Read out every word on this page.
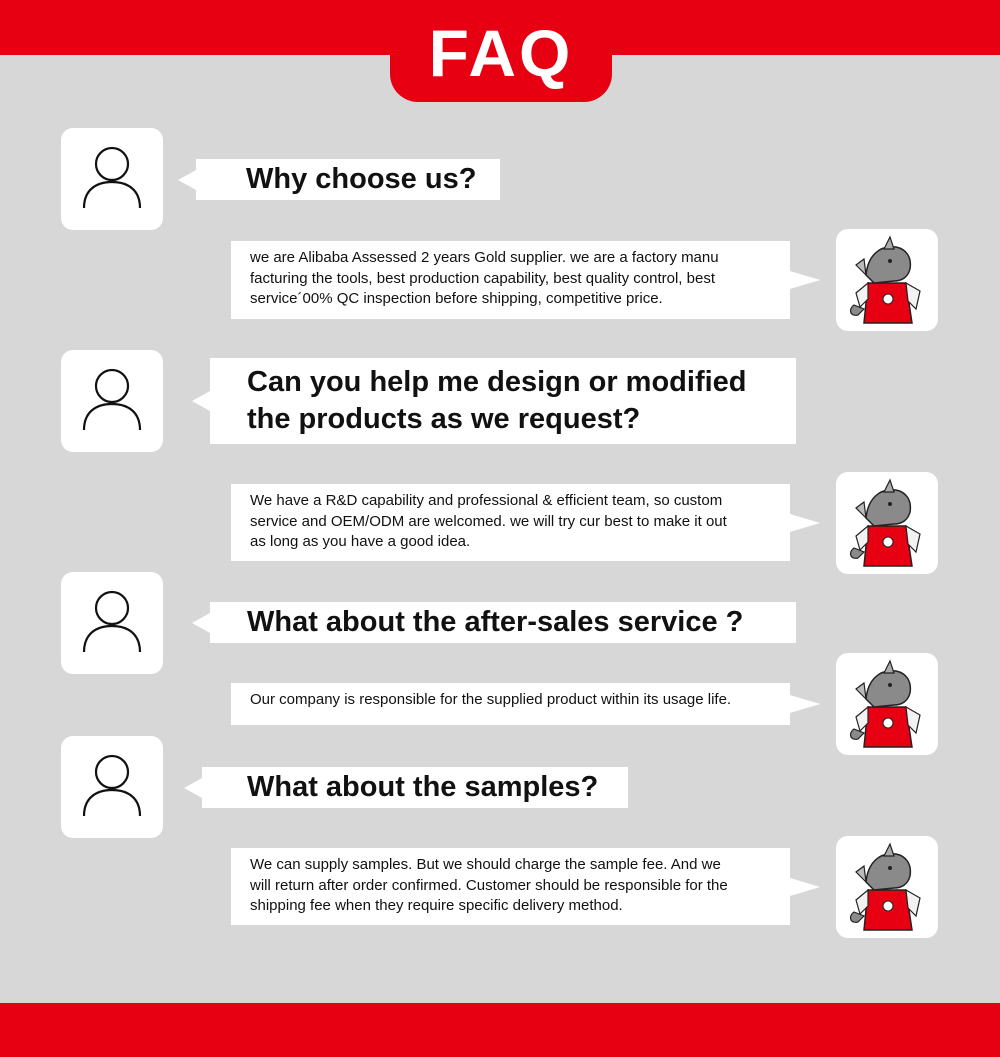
FAQ
Why choose us?
we are Alibaba Assessed 2 years Gold supplier. we are a factory manu
facturing the tools, best production capability, best quality control, best
service´00% QC inspection before shipping, competitive price.
Can you help me design or modified
the products as we request?
We have a R&D capability and professional & efficient team, so custom
service and OEM/ODM are welcomed. we will try cur best to make it out
as long as you have a good idea.
What about the after-sales service ?
Our company is responsible for the supplied product within its usage life.
What about the samples?
We can supply samples. But we should charge the sample fee. And we
will return after order confirmed. Customer should be responsible for the
shipping fee when they require specific delivery method.
